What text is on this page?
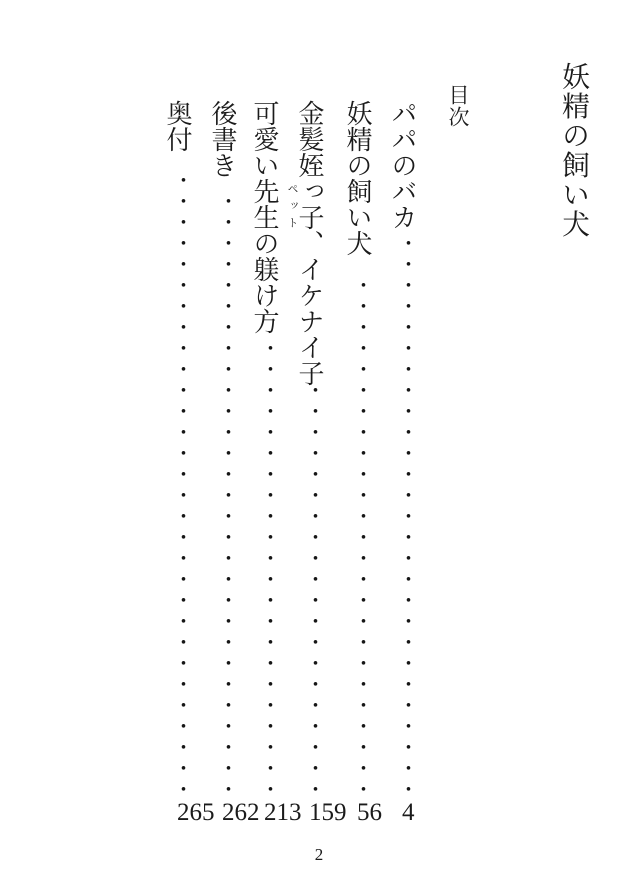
妖精の飼い犬
目次
パパのバカ
・・・・・・・・・・・・・・・・・・・・・・・・・・・
4
妖精の飼い犬
・・・・・・・・・・・・・・・・・・・・・・・・・
56
金髪姪っ子、イケナイ子
・・・・・・・・・・・・・・・・・・・・
159
可愛い先生の躾け方 ペット
・・・・・・・・・・・・・・・・・・・・・・
213
後書き
・・・・・・・・・・・・・・・・・・・・・・・・・・・・・
262
奥付
・・・・・・・・・・・・・・・・・・・・・・・・・・・・・・
265
2
